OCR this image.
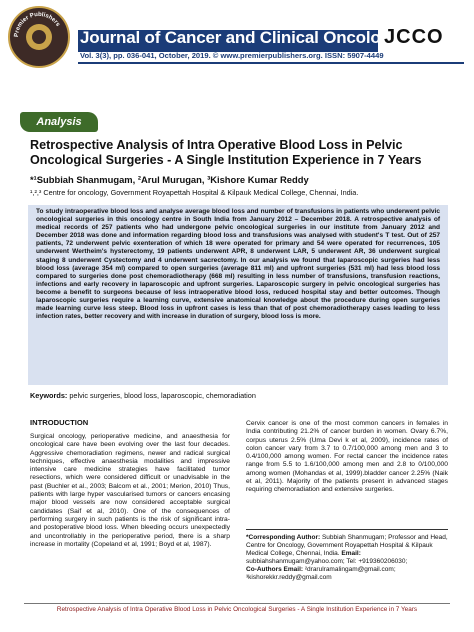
Premier Publishers
Journal of Cancer and Clinical Oncology
Vol. 3(3), pp. 036-041, October, 2019. © www.premierpublishers.org. ISSN: 5907-4449
JCCO
Analysis
Retrospective Analysis of Intra Operative Blood Loss in Pelvic Oncological Surgeries - A Single Institution Experience in 7 Years
*¹Subbiah Shanmugam, ²Arul Murugan, ³Kishore Kumar Reddy
¹,²,³ Centre for oncology, Government Royapettah Hospital & Kilpauk Medical College, Chennai, India.
To study intraoperative blood loss and analyse average blood loss and number of transfusions in patients who underwent pelvic oncological surgeries in this oncology centre in South India from January 2012 – December 2018. A retrospective analysis of medical records of 257 patients who had undergone pelvic oncological surgeries in our institute from January 2012 and December 2018 was done and information regarding blood loss and transfusions was analysed with student's T test. Out of 257 patients, 72 underwent pelvic exenteration of which 18 were operated for primary and 54 were operated for recurrences, 105 underwent Wertheim's hysterectomy, 19 patients underwent APR, 8 underwent LAR, 5 underwent AR, 36 underwent surgical staging 8 underwent Cystectomy and 4 underwent sacrectomy. In our analysis we found that laparoscopic surgeries had less blood loss (average 354 ml) compared to open surgeries (average 811 ml) and upfront surgeries (531 ml) had less blood loss compared to surgeries done post chemoradiotherapy (668 ml) resulting in less number of transfusions, transfusion reactions, infections and early recovery in laparoscopic and upfront surgeries. Laparoscopic surgery in pelvic oncological surgeries has become a benefit to surgeons because of less intraoperative blood loss, reduced hospital stay and better outcomes. Though laparoscopic surgeries require a learning curve, extensive anatomical knowledge about the procedure during open surgeries made learning curve less steep. Blood loss in upfront cases is less than that of post chemoradiotherapy cases leading to less infection rates, better recovery and with increase in duration of surgery, blood loss is more.
Keywords: pelvic surgeries, blood loss, laparoscopic, chemoradiation
INTRODUCTION
Surgical oncology, perioperative medicine, and anaesthesia for oncological care have been evolving over the last four decades. Aggressive chemoradiation regimens, newer and radical surgical techniques, effective anaesthesia modalities and impressive intensive care medicine strategies have facilitated tumor resections, which were considered difficult or unadvisable in the past (Buchler et al., 2003; Balcom et al., 2001; Merion, 2010) Thus, patients with large hyper vascularised tumors or cancers encasing major blood vessels are now considered acceptable surgical candidates (Saif et al, 2010). One of the consequences of performing surgery in such patients is the risk of significant intra- and postoperative blood loss. When bleeding occurs unexpectedly and uncontrollably in the perioperative period, there is a sharp increase in mortality (Copeland et al, 1991; Boyd et al, 1987).
Cervix cancer is one of the most common cancers in females in India contributing 21.2% of cancer burden in women. Ovary 6.7%, corpus uterus 2.5% (Uma Devi k et al, 2009), incidence rates of colon cancer vary from 3.7 to 0.7/100,000 among men and 3 to 0.4/100,000 among women. For rectal cancer the incidence rates range from 5.5 to 1.6/100,000 among men and 2.8 to 0/100,000 among women (Mohandas et al, 1999).bladder cancer 2.25% (Naik et al, 2011). Majority of the patients present in advanced stages requiring chemoradiation and extensive surgeries.
*Corresponding Author: Subbiah Shanmugam; Professor and Head, Centre for Oncology, Government Royapettah Hospital & Kilpauk Medical College, Chennai, India. Email: subbiahshanmugam@yahoo.com; Tel: +919360206030;
Co-Authors Email: ²drarulramalingam@gmail.com; ³kishorekkr.reddy@gmail.com
Retrospective Analysis of Intra Operative Blood Loss in Pelvic Oncological Surgeries - A Single Institution Experience in 7 Years
